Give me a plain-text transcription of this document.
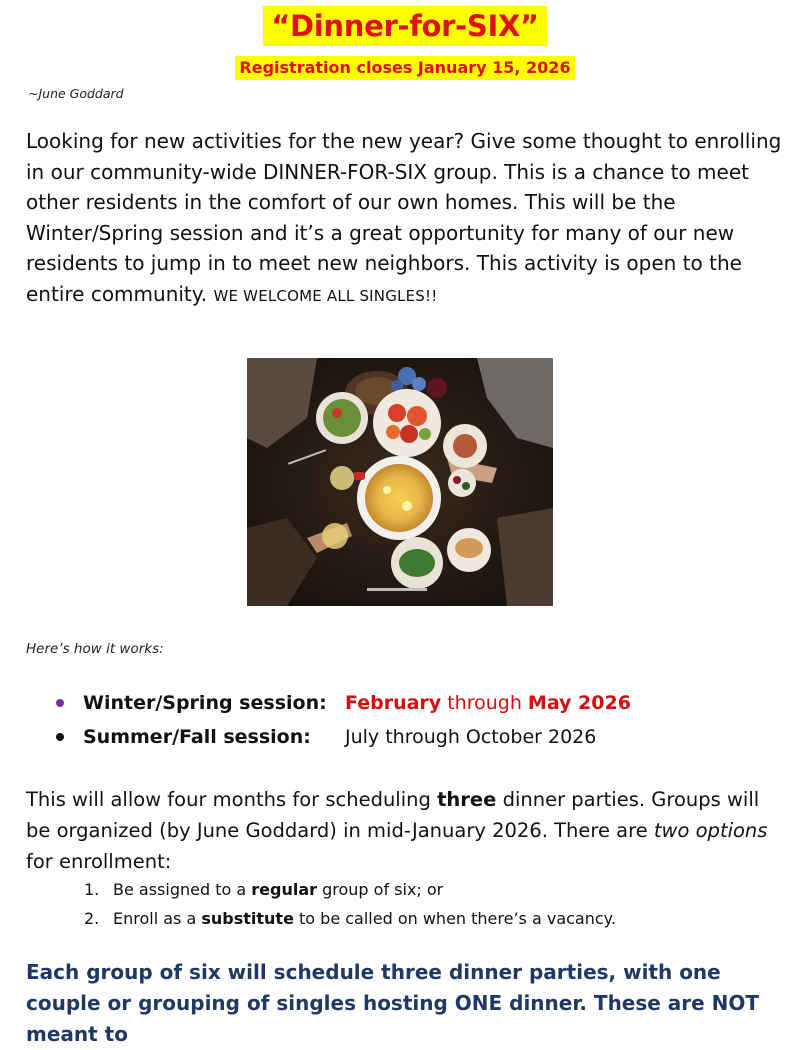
“Dinner-for-SIX”
Registration closes January 15, 2026
~June Goddard
Looking for new activities for the new year? Give some thought to enrolling in our community-wide DINNER-FOR-SIX group. This is a chance to meet other residents in the comfort of our own homes. This will be the Winter/Spring session and it’s a great opportunity for many of our new residents to jump in to meet new neighbors. This activity is open to the entire community. WE WELCOME ALL SINGLES!!
Here’s how it works:
Winter/Spring session: February through May 2026
Summer/Fall session:	July through October 2026
This will allow four months for scheduling three dinner parties. Groups will be organized (by June Goddard) in mid-January 2026. There are two options for enrollment:
1. Be assigned to a regular group of six; or
2. Enroll as a substitute to be called on when there’s a vacancy.
Each group of six will schedule three dinner parties, with one couple or grouping of singles hosting ONE dinner. These are NOT meant to
